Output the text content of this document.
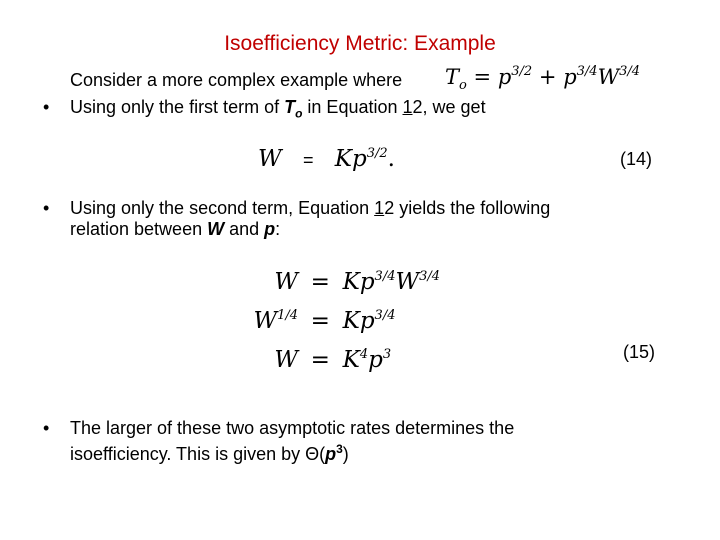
Isoefficiency Metric: Example
Consider a more complex example where $T_o = p^{3/2} + p^{3/4}W^{3/4}$
• Using only the first term of $T_o$ in Equation 12, we get
$W = Kp^{3/2}$.	(14)
• Using only the second term, Equation 12 yields the following
relation between W and p:
$W = Kp^{3/4}W^{3/4}$
$W^{1/4} = Kp^{3/4}$
$W = K^4p^3$	(15)
• The larger of these two asymptotic rates determines the
isoefficiency. This is given by $\Theta(p^3)$
